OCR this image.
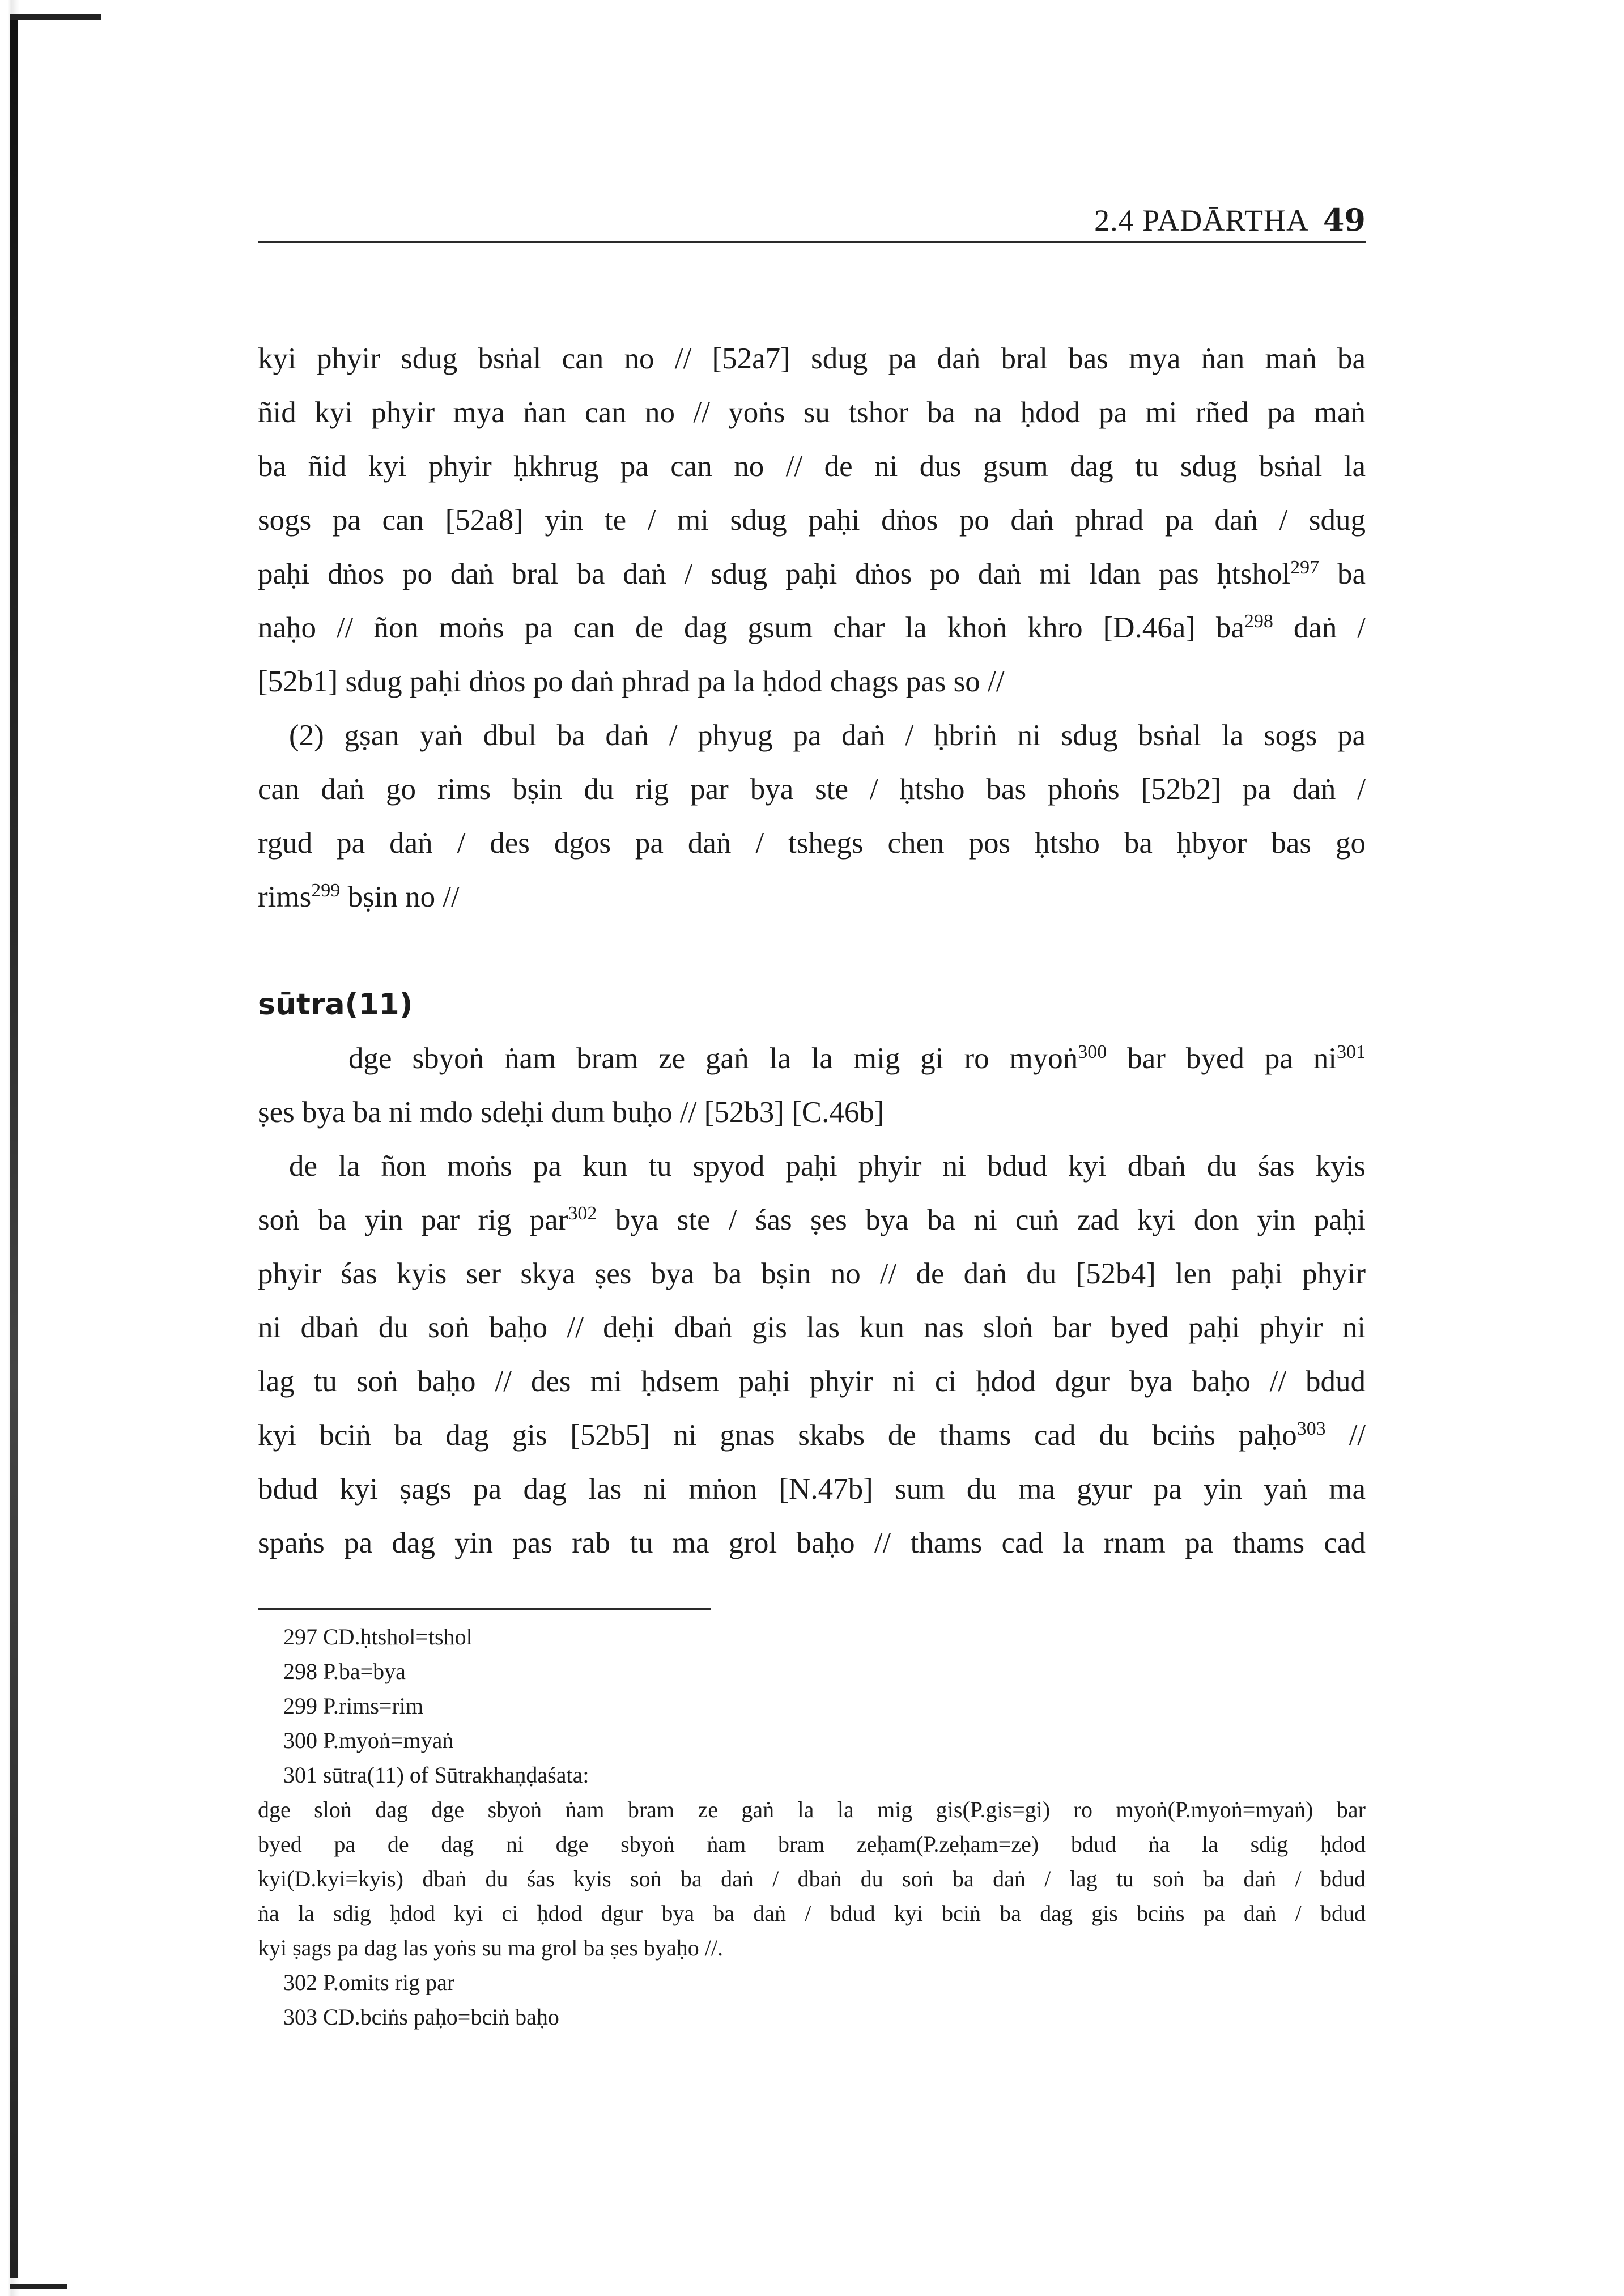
2.4 PADĀRTHA 49

kyi phyir sdug bsṅal can no // [52a7] sdug pa daṅ bral bas mya ṅan maṅ ba

ñid kyi phyir mya ṅan can no // yoṅs su tshor ba na ḥdod pa mi rñed pa maṅ

ba ñid kyi phyir ḥkhrug pa can no // de ni dus gsum dag tu sdug bsṅal la

sogs pa can [52a8] yin te / mi sdug paḥi dṅos po daṅ phrad pa daṅ / sdug

paḥi dṅos po daṅ bral ba daṅ / sdug paḥi dṅos po daṅ mi ldan pas ḥtshol$^{297}$ ba

naḥo // ñon moṅs pa can de dag gsum char la khoṅ khro [D.46a] $ba^{298}$ daṅ /

[52b1] sdug paḥi dṅos po daṅ phrad pa la ḥdod chags pas so //

(2) gṣan yaṅ dbul ba daṅ / phyug pa daṅ / ḥbriṅ ni sdug bsṅal la sogs pa

can daṅ go rims bṣin du rig par bya ste / ḥtsho bas phoṅs [52b2] pa daṅ /

rgud pa daṅ / des dgos pa daṅ / tshegs chen pos ḥtsho ba ḥbyor bas go

rims$^{299}$ bṣin no //

sūtra(11)

dge sbyoṅ ṅam bram ze gaṅ la la mig gi ro myoṅ$^{300}$ bar byed pa $ni^{301}$

ṣes bya ba ni mdo sdeḥi dum buḥo // [52b3] [C.46b]

de la ñon moṅs pa kun tu spyod paḥi phyir ni bdud kyi dbaṅ du śas kyis

soṅ ba yin par rig par$^{302}$ bya ste / śas ṣes bya ba ni cuṅ zad kyi don yin paḥi

phyir śas kyis ser skya ṣes bya ba bṣin no // de daṅ du [52b4] len paḥi phyir

ni dbaṅ du soṅ baḥo // deḥi dbaṅ gis las kun nas sloṅ bar byed paḥi phyir ni

lag tu soṅ baḥo // des mi ḥdsem paḥi phyir ni ci ḥdod dgur bya baḥo // bdud

kyi bciṅ ba dag gis [52b5] ni gnas skabs de thams cad du bciṅs paḥo$^{303}$ //

bdud kyi ṣags pa dag las ni mṅon [N.47b] sum du ma gyur pa yin yaṅ ma

spaṅs pa dag yin pas rab tu ma grol baḥo // thams cad la rnam pa thams cad

297 CD.ḥtshol=tshol

298 P.ba=bya

299 P.rims=rim

300 P.myoṅ=myaṅ

301 sūtra(11) of Sūtrakhaṇḍaśata:

dge sloṅ dag dge sbyoṅ ṅam bram ze gaṅ la la mig gis(P.gis=gi) ro myoṅ(P.myoṅ=myaṅ) bar

byed pa de dag ni dge sbyoṅ ṅam bram zeḥam(P.zeḥam=ze) bdud ṅa la sdig ḥdod

kyi(D.kyi=kyis) dbaṅ du śas kyis soṅ ba daṅ / dbaṅ du soṅ ba daṅ / lag tu soṅ ba daṅ / bdud

ṅa la sdig ḥdod kyi ci ḥdod dgur bya ba daṅ / bdud kyi bciṅ ba dag gis bciṅs pa daṅ / bdud

kyi ṣags pa dag las yoṅs su ma grol ba ṣes byaḥo //.

302 P.omits rig par

303 CD.bciṅs paḥo=bciṅ baḥo
